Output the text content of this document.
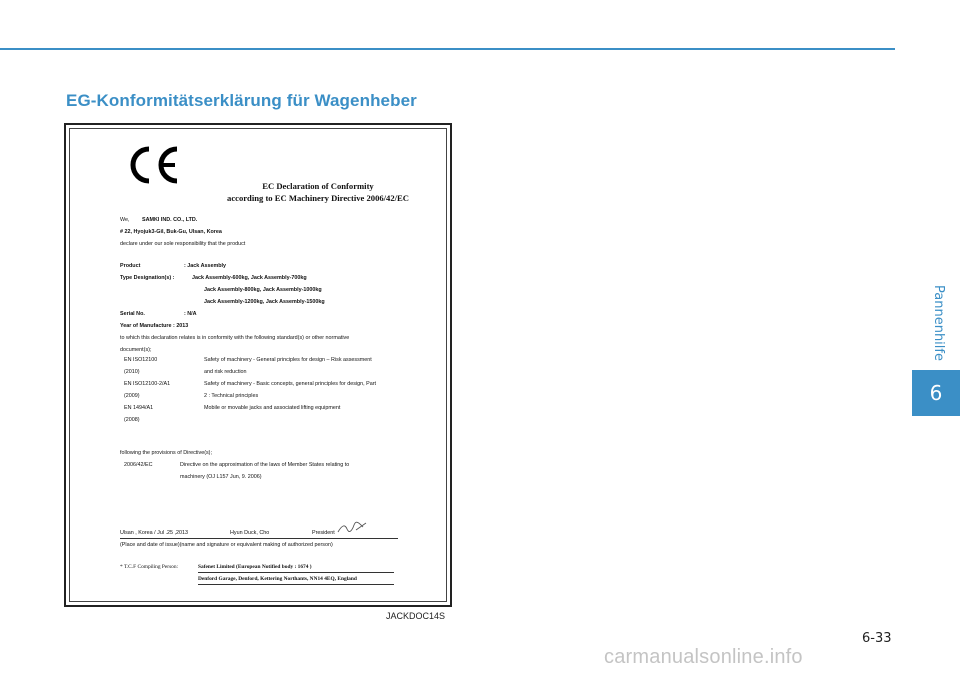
EG-Konformitätserklärung für Wagenheber
Pannenhilfe
6
EC Declaration of Conformity
according to EC Machinery Directive 2006/42/EC
We, SAMKI IND. CO., LTD.
# 22, Hyojuk3-Gil, Buk-Gu, Ulsan, Korea
declare under our sole responsibility that the product
Product	: Jack Assembly
Type Designation(s) :	Jack Assembly-600kg, Jack Assembly-700kg
Jack Assembly-800kg, Jack Assembly-1000kg
Jack Assembly-1200kg, Jack Assembly-1500kg
Serial No.	: N/A
Year of Manufacture : 2013
to which this declaration relates is in conformity with the following standard(s) or other normative
document(s);
EN ISO12100	Safety of machinery - General principles for design – Risk assessment
(2010)	and risk reduction
EN ISO12100-2/A1	Safety of machinery - Basic concepts, general principles for design, Part
(2009)	2 : Technical principles
EN 1494/A1	Mobile or movable jacks and associated lifting equipment
(2008)
following the provisions of Directive(s);
2006/42/EC	Directive on the approximation of the laws of Member States relating to
machinery (OJ L157 Jun, 9. 2006)
Ulsan , Korea / Jul .25 ,2013	Hyun Duck, Cho	President
(Place and date of issue)(name and signature or equivalent making of authorized person)
* T.C.F Compiling Person:	Safenet Limited (European Notified body : 1674 )
Denford Garage, Denford, Kettering Northants, NN14 4EQ, England
JACKDOC14S
6-33
carmanualsonline.info
